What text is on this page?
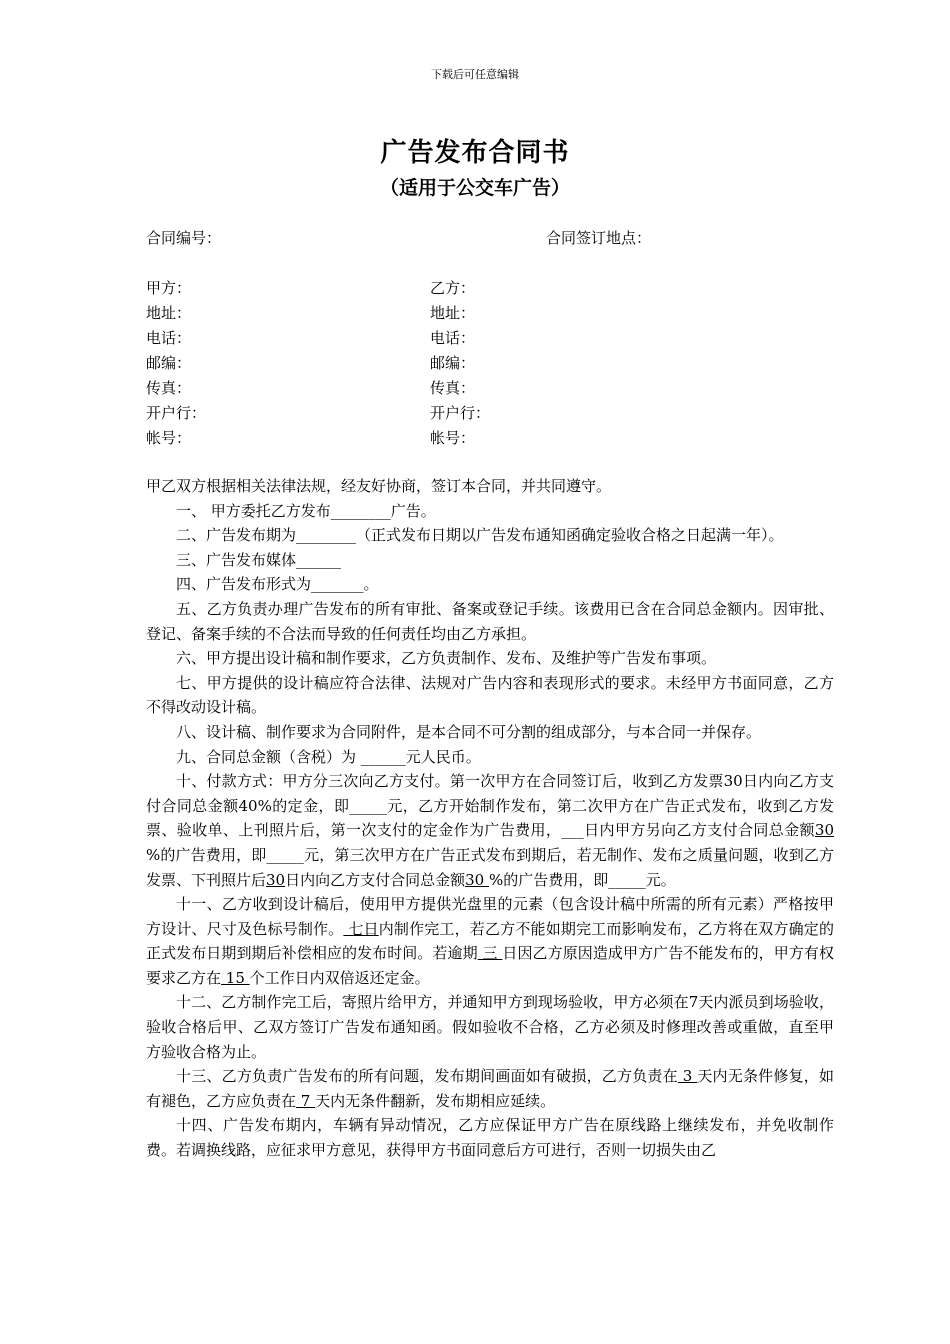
下载后可任意编辑
广告发布合同书
（适用于公交车广告）
合同编号：	合同签订地点：
甲方：	乙方：
地址：	地址：
电话：	电话：
邮编：	邮编：
传真：	传真：
开户行：	开户行：
帐号：	帐号：

甲乙双方根据相关法律法规，经友好协商，签订本合同，并共同遵守。

一、 甲方委托乙方发布________广告。

二、广告发布期为________（正式发布日期以广告发布通知函确定验收合格之日起满一年）。

三、广告发布媒体______

四、广告发布形式为_______。

五、乙方负责办理广告发布的所有审批、备案或登记手续。该费用已含在合同总金额内。因审批、登记、备案手续的不合法而导致的任何责任均由乙方承担。

六、甲方提出设计稿和制作要求，乙方负责制作、发布、及维护等广告发布事项。

七、甲方提供的设计稿应符合法律、法规对广告内容和表现形式的要求。未经甲方书面同意，乙方不得改动设计稿。

八、设计稿、制作要求为合同附件，是本合同不可分割的组成部分，与本合同一并保存。

九、合同总金额（含税）为 ______元人民币。

十、付款方式：甲方分三次向乙方支付。第一次甲方在合同签订后，收到乙方发票30日内向乙方支付合同总金额40%的定金，即_____元，乙方开始制作发布，第二次甲方在广告正式发布，收到乙方发票、验收单、上刊照片后，第一次支付的定金作为广告费用，___日内甲方另向乙方支付合同总金额30 %的广告费用，即_____元，第三次甲方在广告正式发布到期后，若无制作、发布之质量问题，收到乙方发票、下刊照片后30日内向乙方支付合同总金额30 %的广告费用，即_____元。

十一、乙方收到设计稿后，使用甲方提供光盘里的元素（包含设计稿中所需的所有元素）严格按甲方设计、尺寸及色标号制作。 七日内制作完工，若乙方不能如期完工而影响发布，乙方将在双方确定的正式发布日期到期后补偿相应的发布时间。若逾期 三 日因乙方原因造成甲方广告不能发布的，甲方有权要求乙方在 15 个工作日内双倍返还定金。

十二、乙方制作完工后，寄照片给甲方，并通知甲方到现场验收，甲方必须在7天内派员到场验收，验收合格后甲、乙双方签订广告发布通知函。假如验收不合格，乙方必须及时修理改善或重做，直至甲方验收合格为止。

十三、乙方负责广告发布的所有问题，发布期间画面如有破损，乙方负责在 3 天内无条件修复，如有褪色，乙方应负责在 7 天内无条件翻新，发布期相应延续。

十四、广告发布期内，车辆有异动情况，乙方应保证甲方广告在原线路上继续发布，并免收制作费。若调换线路，应征求甲方意见，获得甲方书面同意后方可进行，否则一切损失由乙
